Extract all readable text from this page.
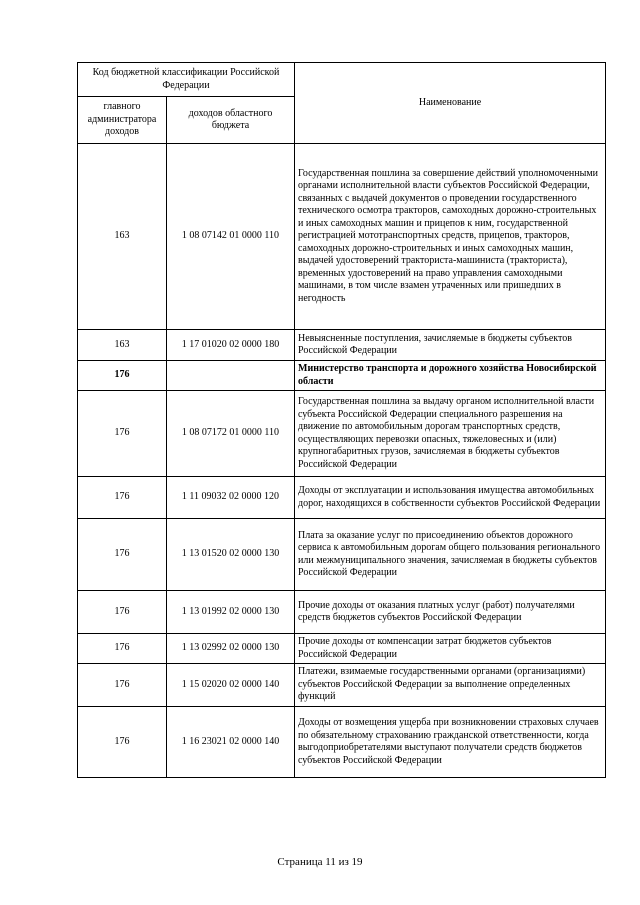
Код бюджетной классификации Российской Федерации		Наименование
главного администратора доходов	доходов областного бюджета	
163	1 08 07142 01 0000 110	Государственная пошлина за совершение действий уполномоченными органами исполнительной власти субъектов Российской Федерации, связанных с выдачей документов о проведении государственного технического осмотра тракторов, самоходных дорожно-строительных и иных самоходных машин и прицепов к ним, государственной регистрацией мототранспортных средств, прицепов, тракторов, самоходных дорожно-строительных и иных самоходных машин, выдачей удостоверений тракториста-машиниста (тракториста), временных удостоверений на право управления самоходными машинами, в том числе взамен утраченных или пришедших в негодность
163	1 17 01020 02 0000 180	Невыясненные поступления, зачисляемые в бюджеты субъектов Российской Федерации
176		Министерство транспорта и дорожного хозяйства Новосибирской области
176	1 08 07172 01 0000 110	Государственная пошлина за выдачу органом исполнительной власти субъекта Российской Федерации специального разрешения на движение по автомобильным дорогам транспортных средств, осуществляющих перевозки опасных, тяжеловесных и (или) крупногабаритных грузов, зачисляемая в бюджеты субъектов Российской Федерации
176	1 11 09032 02 0000 120	Доходы от эксплуатации и использования имущества автомобильных дорог, находящихся в собственности субъектов Российской Федерации
176	1 13 01520 02 0000 130	Плата за оказание услуг по присоединению объектов дорожного сервиса к автомобильным дорогам общего пользования регионального или межмуниципального значения, зачисляемая в бюджеты субъектов Российской Федерации
176	1 13 01992 02 0000 130	Прочие доходы от оказания платных услуг (работ) получателями средств бюджетов субъектов Российской Федерации
176	1 13 02992 02 0000 130	Прочие доходы от компенсации затрат бюджетов субъектов Российской Федерации
176	1 15 02020 02 0000 140	Платежи, взимаемые государственными органами (организациями) субъектов Российской Федерации за выполнение определенных функций
176	1 16 23021 02 0000 140	Доходы от возмещения ущерба при возникновении страховых случаев по обязательному страхованию гражданской ответственности, когда выгодоприобретателями выступают получатели средств бюджетов субъектов Российской Федерации
Страница 11 из 19
